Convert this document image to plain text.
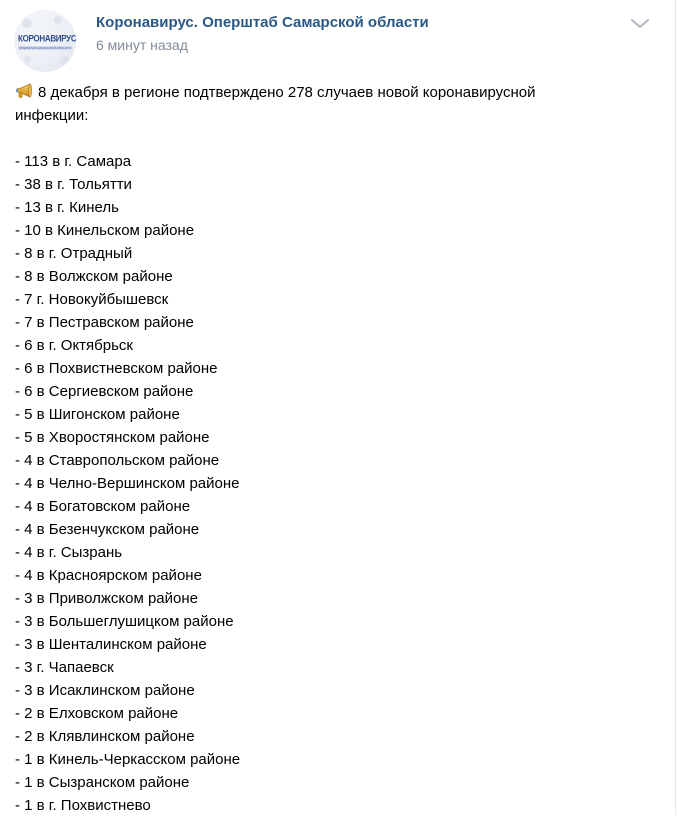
КОРОНАВИРУС
ОПЕРШТАБ САМАРСКОЙ ОБЛАСТИ
Коронавирус. Оперштаб Самарской области
6 минут назад
8 декабря в регионе подтверждено 278 случаев новой коронавирусной
инфекции:
- 113 в г. Самара
- 38 в г. Тольятти
- 13 в г. Кинель
- 10 в Кинельском районе
- 8 в г. Отрадный
- 8 в Волжском районе
- 7 г. Новокуйбышевск
- 7 в Пестравском районе
- 6 в г. Октябрьск
- 6 в Похвистневском районе
- 6 в Сергиевском районе
- 5 в Шигонском районе
- 5 в Хворостянском районе
- 4 в Ставропольском районе
- 4 в Челно-Вершинском районе
- 4 в Богатовском районе
- 4 в Безенчукском районе
- 4 в г. Сызрань
- 4 в Красноярском районе
- 3 в Приволжском районе
- 3 в Большеглушицком районе
- 3 в Шенталинском районе
- 3 г. Чапаевск
- 3 в Исаклинском районе
- 2 в Елховском районе
- 2 в Клявлинском районе
- 1 в Кинель-Черкасском районе
- 1 в Сызранском районе
- 1 в г. Похвистнево
